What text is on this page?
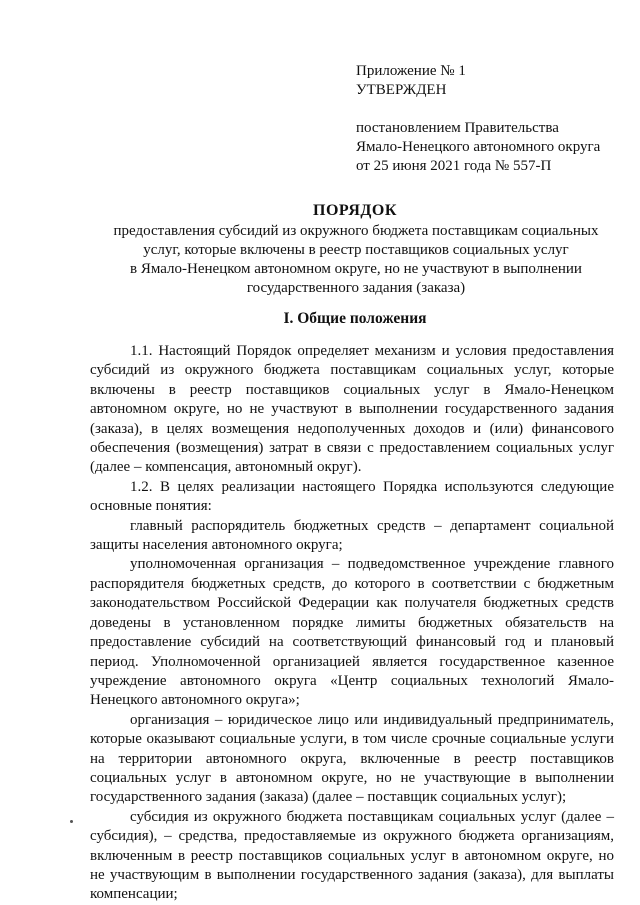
Приложение № 1
УТВЕРЖДЕН
постановлением Правительства
Ямало-Ненецкого автономного округа
от 25 июня 2021 года № 557-П
ПОРЯДОК
предоставления субсидий из окружного бюджета поставщикам социальных
услуг, которые включены в реестр поставщиков социальных услуг
в Ямало-Ненецком автономном округе, но не участвуют в выполнении
государственного задания (заказа)
I. Общие положения

1.1. Настоящий Порядок определяет механизм и условия предоставления субсидий из окружного бюджета поставщикам социальных услуг, которые включены в реестр поставщиков социальных услуг в Ямало-Ненецком автономном округе, но не участвуют в выполнении государственного задания (заказа), в целях возмещения недополученных доходов и (или) финансового обеспечения (возмещения) затрат в связи с предоставлением социальных услуг (далее – компенсация, автономный округ).

1.2. В целях реализации настоящего Порядка используются следующие основные понятия:

главный распорядитель бюджетных средств – департамент социальной защиты населения автономного округа;

уполномоченная организация – подведомственное учреждение главного распорядителя бюджетных средств, до которого в соответствии с бюджетным законодательством Российской Федерации как получателя бюджетных средств доведены в установленном порядке лимиты бюджетных обязательств на предоставление субсидий на соответствующий финансовый год и плановый период. Уполномоченной организацией является государственное казенное учреждение автономного округа «Центр социальных технологий Ямало-Ненецкого автономного округа»;

организация – юридическое лицо или индивидуальный предприниматель, которые оказывают социальные услуги, в том числе срочные социальные услуги на территории автономного округа, включенные в реестр поставщиков социальных услуг в автономном округе, но не участвующие в выполнении государственного задания (заказа) (далее – поставщик социальных услуг);

субсидия из окружного бюджета поставщикам социальных услуг (далее – субсидия), – средства, предоставляемые из окружного бюджета организациям, включенным в реестр поставщиков социальных услуг в автономном округе, но не участвующим в выполнении государственного задания (заказа), для выплаты компенсации;
